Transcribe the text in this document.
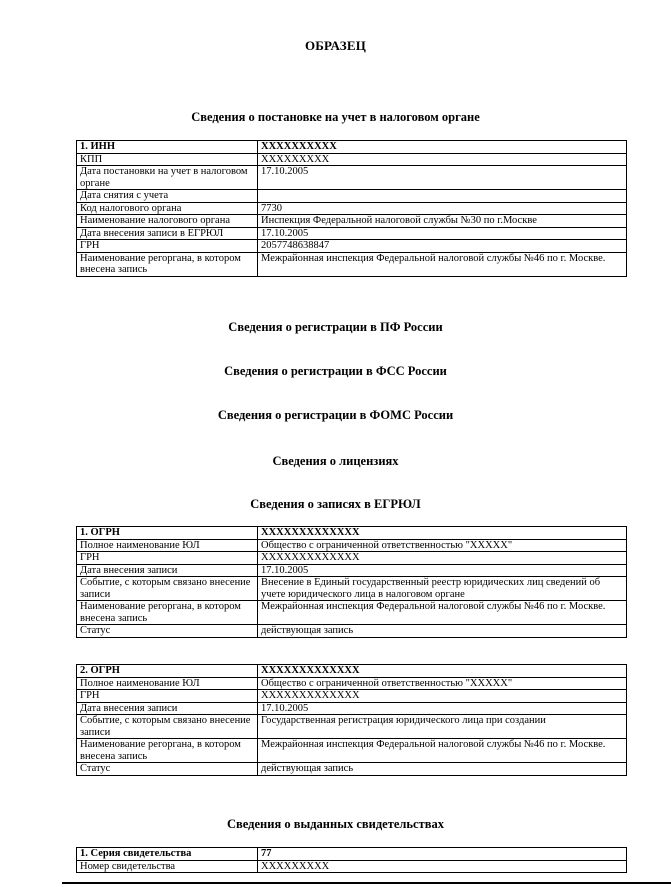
ОБРАЗЕЦ
Сведения о постановке на учет в налоговом органе
1. ИНН	XXXXXXXXXX
КПП	XXXXXXXXX
Дата постановки на учет в налоговом органе	17.10.2005
Дата снятия с учета	
Код налогового органа	7730
Наименование налогового органа	Инспекция Федеральной налоговой службы №30 по г.Москве
Дата внесения записи в ЕГРЮЛ	17.10.2005
ГРН	2057748638847
Наименование регоргана, в котором внесена запись	Межрайонная инспекция Федеральной налоговой службы №46 по г. Москве.
Сведения о регистрации в ПФ России
Сведения о регистрации в ФСС России
Сведения о регистрации в ФОМС России
Сведения о лицензиях
Сведения о записях в ЕГРЮЛ
1. ОГРН	XXXXXXXXXXXXX
Полное наименование ЮЛ	Общество с ограниченной ответственностью "XXXXX"
ГРН	XXXXXXXXXXXXX
Дата внесения записи	17.10.2005
Событие, с которым связано внесение записи	Внесение в Единый государственный реестр юридических лиц сведений об учете юридического лица в налоговом органе
Наименование регоргана, в котором внесена запись	Межрайонная инспекция Федеральной налоговой службы №46 по г. Москве.
Статус	действующая запись
2. ОГРН	XXXXXXXXXXXXX
Полное наименование ЮЛ	Общество с ограниченной ответственностью "XXXXX"
ГРН	XXXXXXXXXXXXX
Дата внесения записи	17.10.2005
Событие, с которым связано внесение записи	Государственная регистрация юридического лица при создании
Наименование регоргана, в котором внесена запись	Межрайонная инспекция Федеральной налоговой службы №46 по г. Москве.
Статус	действующая запись
Сведения о выданных свидетельствах
1. Серия свидетельства	77
Номер свидетельства	XXXXXXXXX
